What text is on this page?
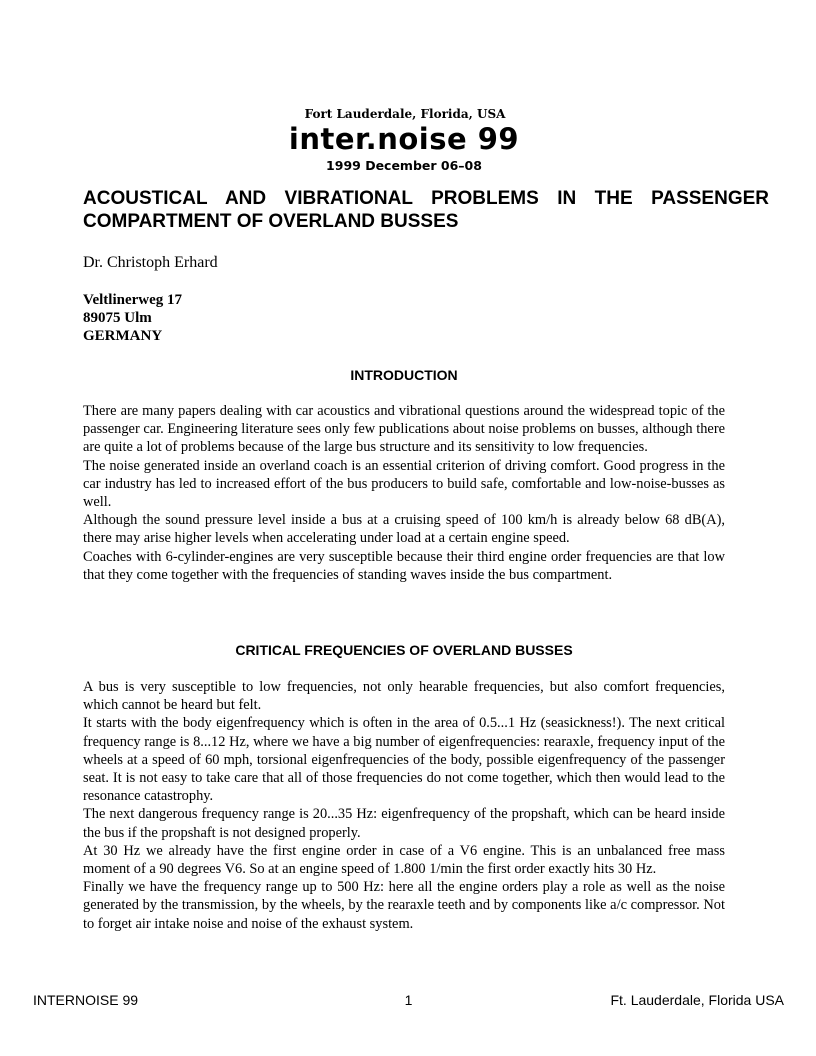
Fort Lauderdale, Florida, USA
inter.noise 99
1999 December 06–08
ACOUSTICAL AND VIBRATIONAL PROBLEMS IN THE PASSENGER
COMPARTMENT OF OVERLAND BUSSES
Dr. Christoph Erhard
Veltlinerweg 17
89075 Ulm
GERMANY
INTRODUCTION

There are many papers dealing with car acoustics and vibrational questions around the widespread topic of the passenger car. Engineering literature sees only few publications about noise problems on busses, although there are quite a lot of problems because of the large bus structure and its sensitivity to low frequencies.

The noise generated inside an overland coach is an essential criterion of driving comfort. Good progress in the car industry has led to increased effort of the bus producers to build safe, comfortable and low-noise-busses as well.

Although the sound pressure level inside a bus at a cruising speed of 100 km/h is already below 68 dB(A), there may arise higher levels when accelerating under load at a certain engine speed.

Coaches with 6-cylinder-engines are very susceptible because their third engine order frequencies are that low that they come together with the frequencies of standing waves inside the bus compartment.

CRITICAL FREQUENCIES OF OVERLAND BUSSES

A bus is very susceptible to low frequencies, not only hearable frequencies, but also comfort frequencies, which cannot be heard but felt.

It starts with the body eigenfrequency which is often in the area of 0.5...1 Hz (seasickness!). The next critical frequency range is 8...12 Hz, where we have a big number of eigenfrequencies: rearaxle, frequency input of the wheels at a speed of 60 mph, torsional eigenfrequencies of the body, possible eigenfrequency of the passenger seat. It is not easy to take care that all of those frequencies do not come together, which then would lead to the resonance catastrophy.

The next dangerous frequency range is 20...35 Hz: eigenfrequency of the propshaft, which can be heard inside the bus if the propshaft is not designed properly.

At 30 Hz we already have the first engine order in case of a V6 engine. This is an unbalanced free mass moment of a 90 degrees V6. So at an engine speed of 1.800 1/min the first order exactly hits 30 Hz.

Finally we have the frequency range up to 500 Hz: here all the engine orders play a role as well as the noise generated by the transmission, by the wheels, by the rearaxle teeth and by components like a/c compressor. Not to forget air intake noise and noise of the exhaust system.

INTERNOISE 99	1	Ft. Lauderdale, Florida USA
